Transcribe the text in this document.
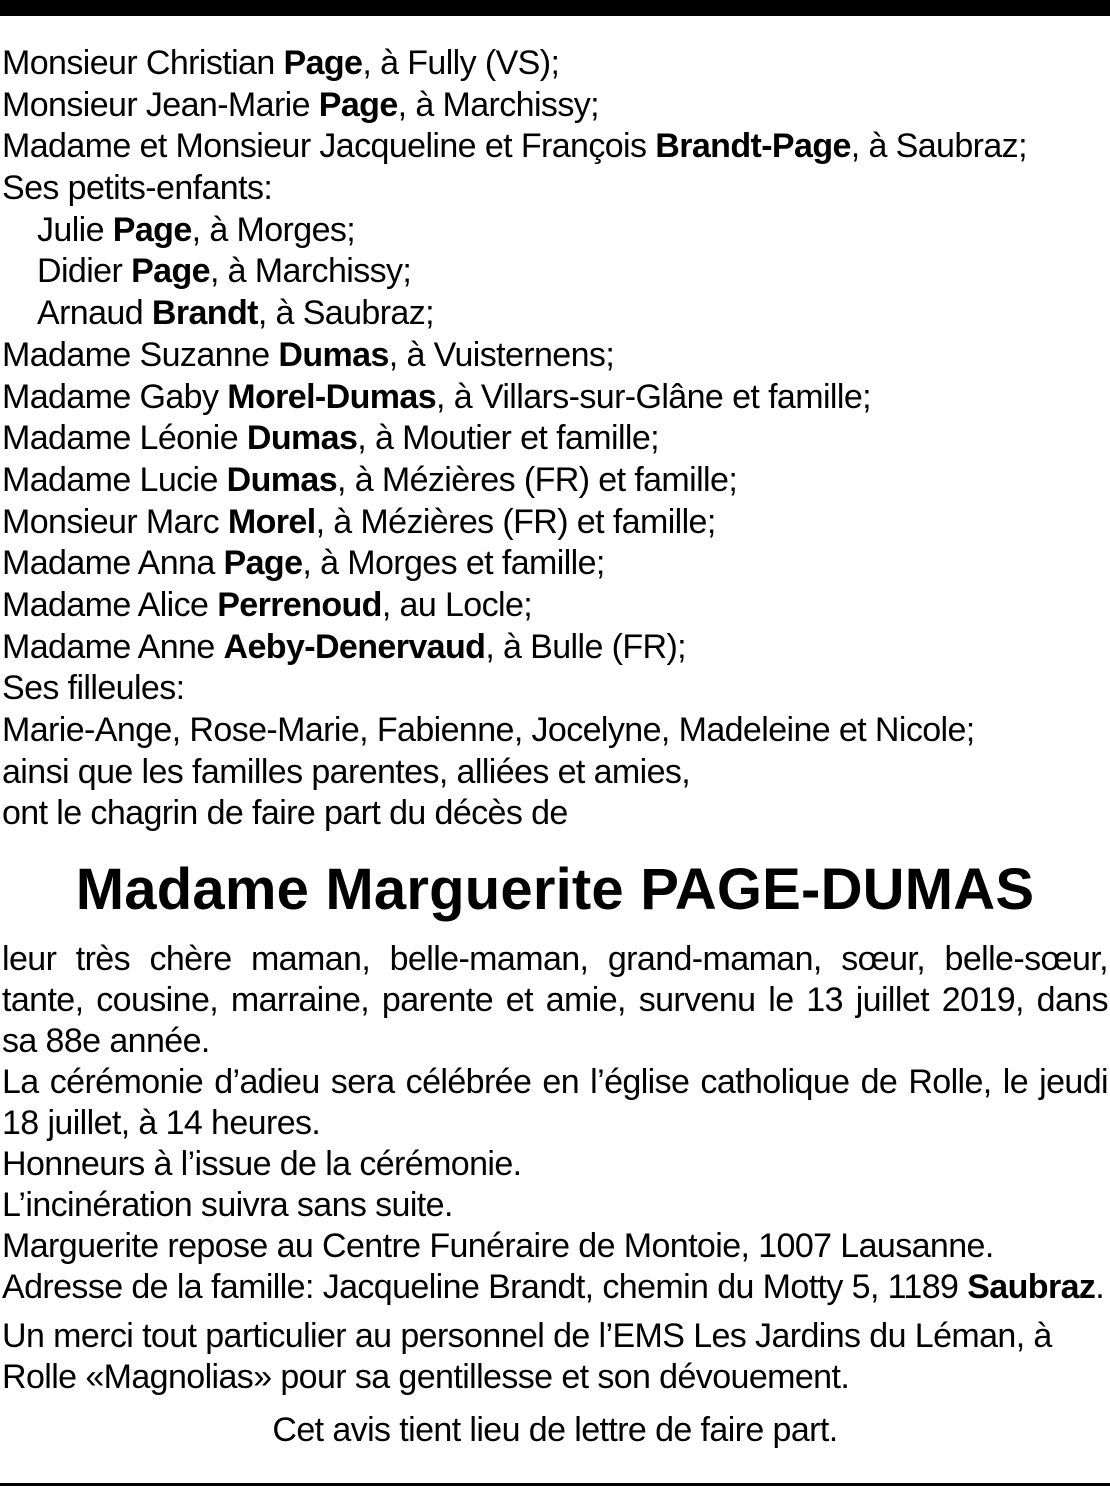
Monsieur Christian Page, à Fully (VS);
Monsieur Jean-Marie Page, à Marchissy;
Madame et Monsieur Jacqueline et François Brandt-Page, à Saubraz;
Ses petits-enfants:
Julie Page, à Morges;
Didier Page, à Marchissy;
Arnaud Brandt, à Saubraz;
Madame Suzanne Dumas, à Vuisternens;
Madame Gaby Morel-Dumas, à Villars-sur-Glâne et famille;
Madame Léonie Dumas, à Moutier et famille;
Madame Lucie Dumas, à Mézières (FR) et famille;
Monsieur Marc Morel, à Mézières (FR) et famille;
Madame Anna Page, à Morges et famille;
Madame Alice Perrenoud, au Locle;
Madame Anne Aeby-Denervaud, à Bulle (FR);
Ses filleules:
Marie-Ange, Rose-Marie, Fabienne, Jocelyne, Madeleine et Nicole;
ainsi que les familles parentes, alliées et amies,
ont le chagrin de faire part du décès de
Madame Marguerite PAGE-DUMAS
leur très chère maman, belle-maman, grand-maman, sœur, belle-sœur, tante, cousine, marraine, parente et amie, survenu le 13 juillet 2019, dans sa 88e année.
La cérémonie d’adieu sera célébrée en l’église catholique de Rolle, le jeudi 18 juillet, à 14 heures.
Honneurs à l’issue de la cérémonie.
L’incinération suivra sans suite.
Marguerite repose au Centre Funéraire de Montoie, 1007 Lausanne.
Adresse de la famille: Jacqueline Brandt, chemin du Motty 5, 1189 Saubraz.
Un merci tout particulier au personnel de l’EMS Les Jardins du Léman, à Rolle «Magnolias» pour sa gentillesse et son dévouement.
Cet avis tient lieu de lettre de faire part.
